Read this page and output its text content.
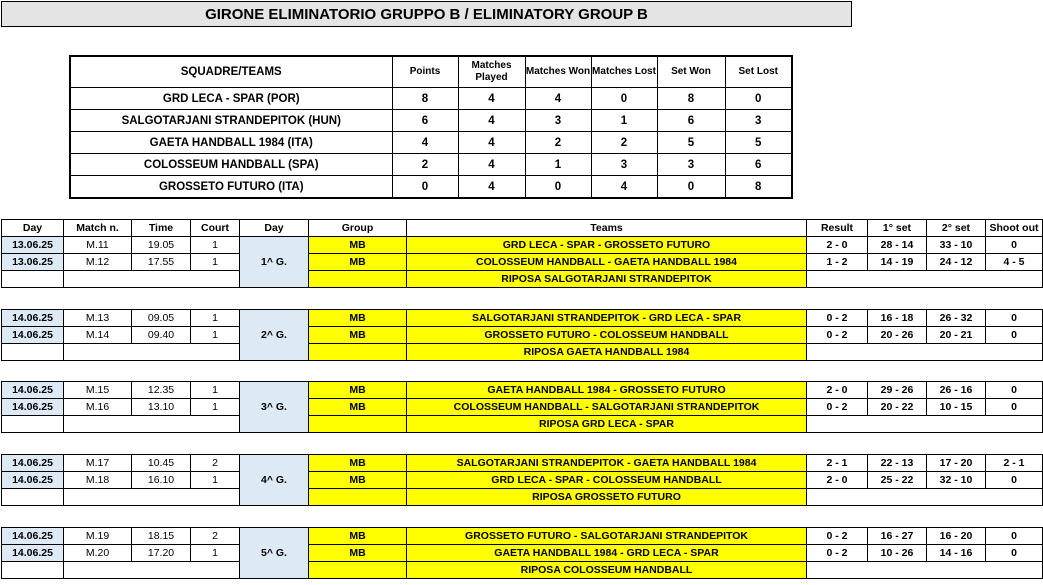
GIRONE ELIMINATORIO GRUPPO B / ELIMINATORY GROUP B
SQUADRE/TEAMS	Points	Matches Played	Matches Won	Matches Lost	Set Won	Set Lost
GRD LECA - SPAR (POR)	8	4	4	0	8	0
SALGOTARJANI STRANDEPITOK (HUN)	6	4	3	1	6	3
GAETA HANDBALL 1984 (ITA)	4	4	2	2	5	5
COLOSSEUM HANDBALL (SPA)	2	4	1	3	3	6
GROSSETO FUTURO (ITA)	0	4	0	4	0	8
Day	Match n.	Time	Court	Day	Group	Teams	Result	1° set	2° set	Shoot out
13.06.25	M.11	19.05	1	1^ G.	MB	GRD LECA - SPAR - GROSSETO FUTURO	2 - 0	28 - 14	33 - 10	0
13.06.25	M.12	17.55	1		MB	COLOSSEUM HANDBALL - GAETA HANDBALL 1984	1 - 2	14 - 19	24 - 12	4 - 5
						RIPOSA SALGOTARJANI STRANDEPITOK				
14.06.25	M.13	09.05	1	2^ G.	MB	SALGOTARJANI STRANDEPITOK - GRD LECA - SPAR	0 - 2	16 - 18	26 - 32	0
14.06.25	M.14	09.40	1		MB	GROSSETO FUTURO - COLOSSEUM HANDBALL	0 - 2	20 - 26	20 - 21	0
						RIPOSA GAETA HANDBALL 1984				
14.06.25	M.15	12.35	1	3^ G.	MB	GAETA HANDBALL 1984 - GROSSETO FUTURO	2 - 0	29 - 26	26 - 16	0
14.06.25	M.16	13.10	1		MB	COLOSSEUM HANDBALL - SALGOTARJANI STRANDEPITOK	0 - 2	20 - 22	10 - 15	0
						RIPOSA GRD LECA - SPAR				
14.06.25	M.17	10.45	2	4^ G.	MB	SALGOTARJANI STRANDEPITOK - GAETA HANDBALL 1984	2 - 1	22 - 13	17 - 20	2 - 1
14.06.25	M.18	16.10	1		MB	GRD LECA - SPAR - COLOSSEUM HANDBALL	2 - 0	25 - 22	32 - 10	0
						RIPOSA GROSSETO FUTURO				
14.06.25	M.19	18.15	2	5^ G.	MB	GROSSETO FUTURO - SALGOTARJANI STRANDEPITOK	0 - 2	16 - 27	16 - 20	0
14.06.25	M.20	17.20	1		MB	GAETA HANDBALL 1984 - GRD LECA - SPAR	0 - 2	10 - 26	14 - 16	0
						RIPOSA COLOSSEUM HANDBALL				
